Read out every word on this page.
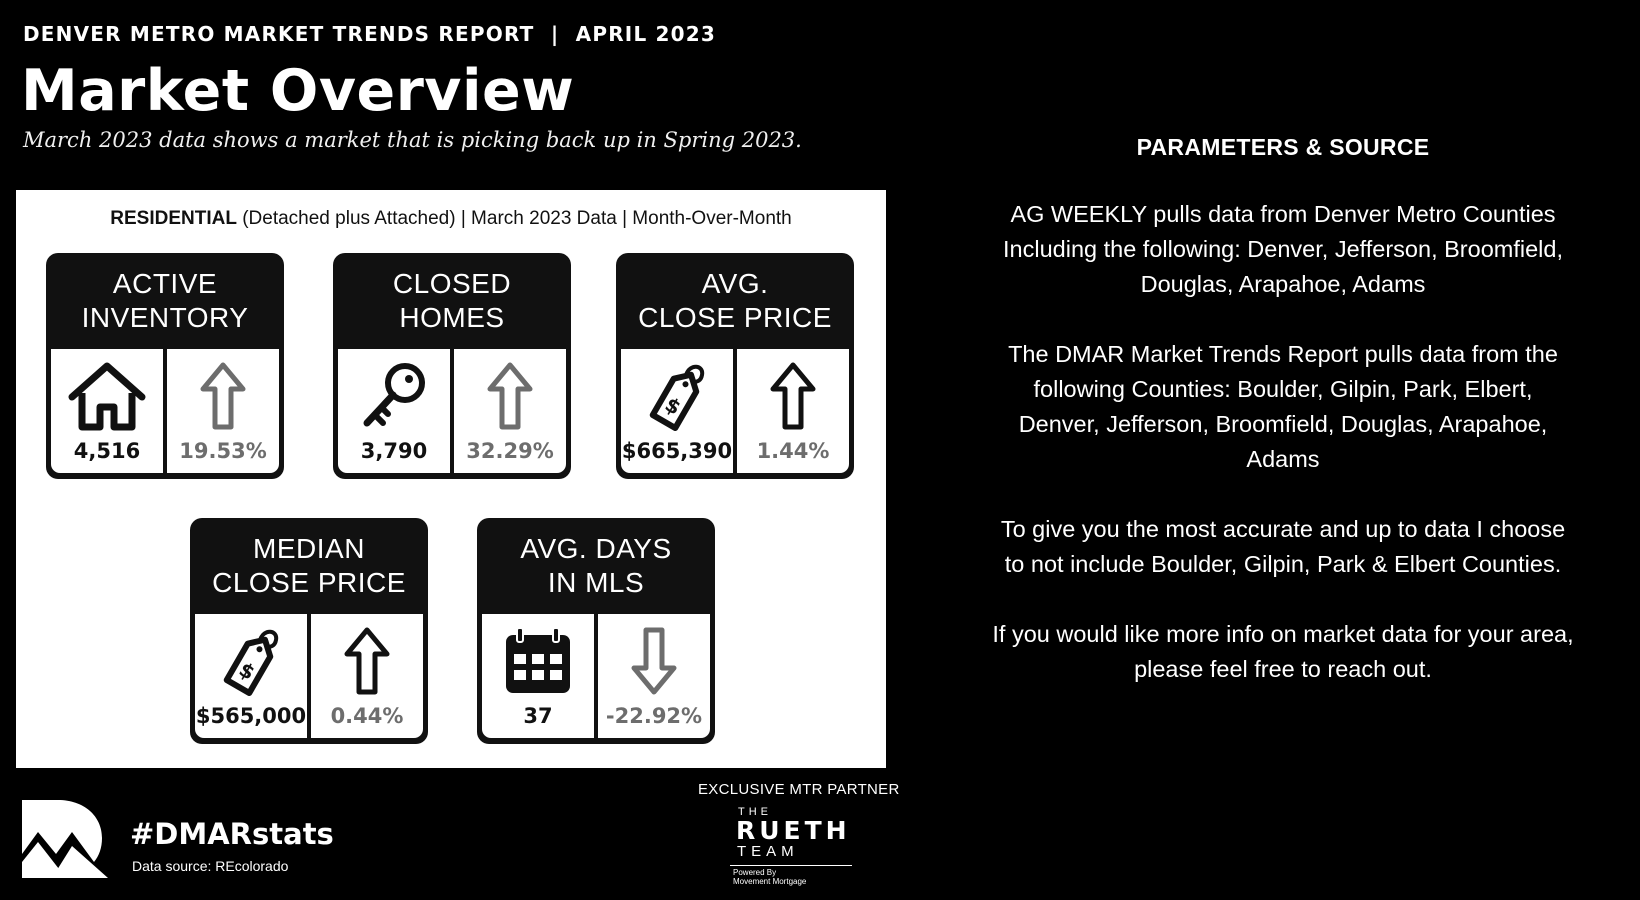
DENVER METRO MARKET TRENDS REPORT  |  APRIL 2023
Market Overview
March 2023 data shows a market that is picking back up in Spring 2023.
RESIDENTIAL (Detached plus Attached) | March 2023 Data | Month-Over-Month
ACTIVE
INVENTORY
4,516	19.53%
CLOSED
HOMES
3,790	32.29%
AVG.
CLOSE PRICE
$
$665,390	1.44%
MEDIAN
CLOSE PRICE
$
$565,000	0.44%
AVG. DAYS
IN MLS
37	-22.92%
PARAMETERS & SOURCE
AG WEEKLY pulls data from Denver Metro Counties Including the following: Denver, Jefferson, Broomfield, Douglas, Arapahoe, Adams
The DMAR Market Trends Report pulls data from the following Counties: Boulder, Gilpin, Park, Elbert, Denver, Jefferson, Broomfield, Douglas, Arapahoe, Adams
To give you the most accurate and up to data I choose to not include Boulder, Gilpin, Park & Elbert Counties.
If you would like more info on market data for your area, please feel free to reach out.
#DMARstats
Data source: REcolorado
EXCLUSIVE MTR PARTNER
THE
RUETH
TEAM
Powered By
Movement Mortgage
